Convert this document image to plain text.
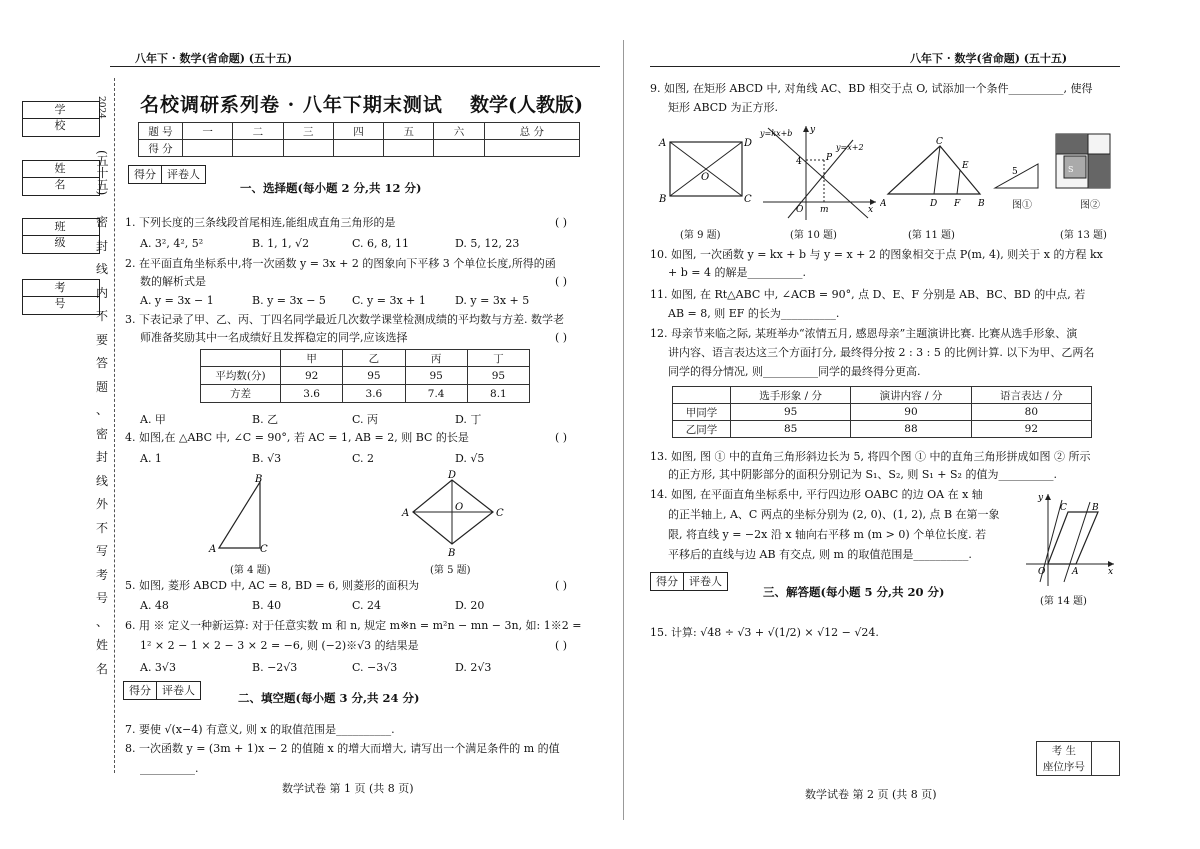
八年下 · 数学(省命题) (五十五)	八年下 · 数学(省命题) (五十五)
学 校
姓 名
班 级
考 号
2024
(五十五)
密
封
线
内
不
要
答
题
、
密
封
线
外
不
写
考
号
、
姓
名
名校调研系列卷 · 八年下期末测试 数学(人教版)
题 号	一	二	三	四	五	六	总 分
得 分							
得分	评卷人
一、选择题(每小题 2 分,共 12 分)
1. 下列长度的三条线段首尾相连,能组成直角三角形的是	( )
A. 3², 4², 5²	B. 1, 1, √2	C. 6, 8, 11	D. 5, 12, 23
2. 在平面直角坐标系中,将一次函数 y = 3x + 2 的图象向下平移 3 个单位长度,所得的函
数的解析式是	( )
A. y = 3x − 1	B. y = 3x − 5 C. y = 3x + 1	D. y = 3x + 5
3. 下表记录了甲、乙、丙、丁四名同学最近几次数学课堂检测成绩的平均数与方差. 数学老
师准备奖励其中一名成绩好且发挥稳定的同学,应该选择	( )
	甲	乙	丙	丁
平均数(分)	92	95	95	95
方差	3.6	3.6	7.4	8.1
A. 甲	B. 乙	C. 丙	D. 丁
4. 如图,在 △ABC 中, ∠C = 90°, 若 AC = 1, AB = 2, 则 BC 的长是	( )
A. 1	B. √3	C. 2	D. √5
A	C
B
(第 4 题)
A	C
D
B
O
(第 5 题)
5. 如图, 菱形 ABCD 中, AC = 8, BD = 6, 则菱形的面积为	( )
A. 48	B. 40	C. 24	D. 20
6. 用 ※ 定义一种新运算: 对于任意实数 m 和 n, 规定 m※n = m²n − mn − 3n, 如: 1※2 =
1² × 2 − 1 × 2 − 3 × 2 = −6, 则 (−2)※√3 的结果是	( )
A. 3√3	B. −2√3	C. −3√3	D. 2√3
得分	评卷人
二、填空题(每小题 3 分,共 24 分)
7. 要使 √(x−4) 有意义, 则 x 的取值范围是__________.
8. 一次函数 y = (3m + 1)x − 2 的值随 x 的增大而增大, 请写出一个满足条件的 m 的值
__________.
数学试卷 第 1 页 (共 8 页)
9. 如图, 在矩形 ABCD 中, 对角线 AC、BD 相交于点 O, 试添加一个条件__________, 使得
矩形 ABCD 为正方形.
A	D
B	C
O
(第 9 题)
y=kx+b
y=x+2
P
4
O m	x
y
(第 10 题)
A	D F B
C
E
(第 11 题)
5	S
图①	图②
(第 13 题)
10. 如图, 一次函数 y = kx + b 与 y = x + 2 的图象相交于点 P(m, 4), 则关于 x 的方程 kx
+ b = 4 的解是__________.
11. 如图, 在 Rt△ABC 中, ∠ACB = 90°, 点 D、E、F 分别是 AB、BC、BD 的中点, 若
AB = 8, 则 EF 的长为__________.
12. 母亲节来临之际, 某班举办“浓情五月, 感恩母亲”主题演讲比赛. 比赛从选手形象、演
讲内容、语言表达这三个方面打分, 最终得分按 2 : 3 : 5 的比例计算. 以下为甲、乙两名
同学的得分情况, 则__________同学的最终得分更高.
	选手形象 / 分	演讲内容 / 分	语言表达 / 分
甲同学	95	90	80
乙同学	85	88	92
13. 如图, 图 ① 中的直角三角形斜边长为 5, 将四个图 ① 中的直角三角形拼成如图 ② 所示
的正方形, 其中阴影部分的面积分别记为 S₁、S₂, 则 S₁ + S₂ 的值为__________.
14. 如图, 在平面直角坐标系中, 平行四边形 OABC 的边 OA 在 x 轴
的正半轴上, A、C 两点的坐标分别为 (2, 0)、(1, 2), 点 B 在第一象
限, 将直线 y = −2x 沿 x 轴向右平移 m (m > 0) 个单位长度. 若
平移后的直线与边 AB 有交点, 则 m 的取值范围是__________.
O	A
B
C
x
y
(第 14 题)
得分	评卷人
三、解答题(每小题 5 分,共 20 分)
15. 计算: √48 ÷ √3 + √(1/2) × √12 − √24.
考 生	
座位序号
数学试卷 第 2 页 (共 8 页)
